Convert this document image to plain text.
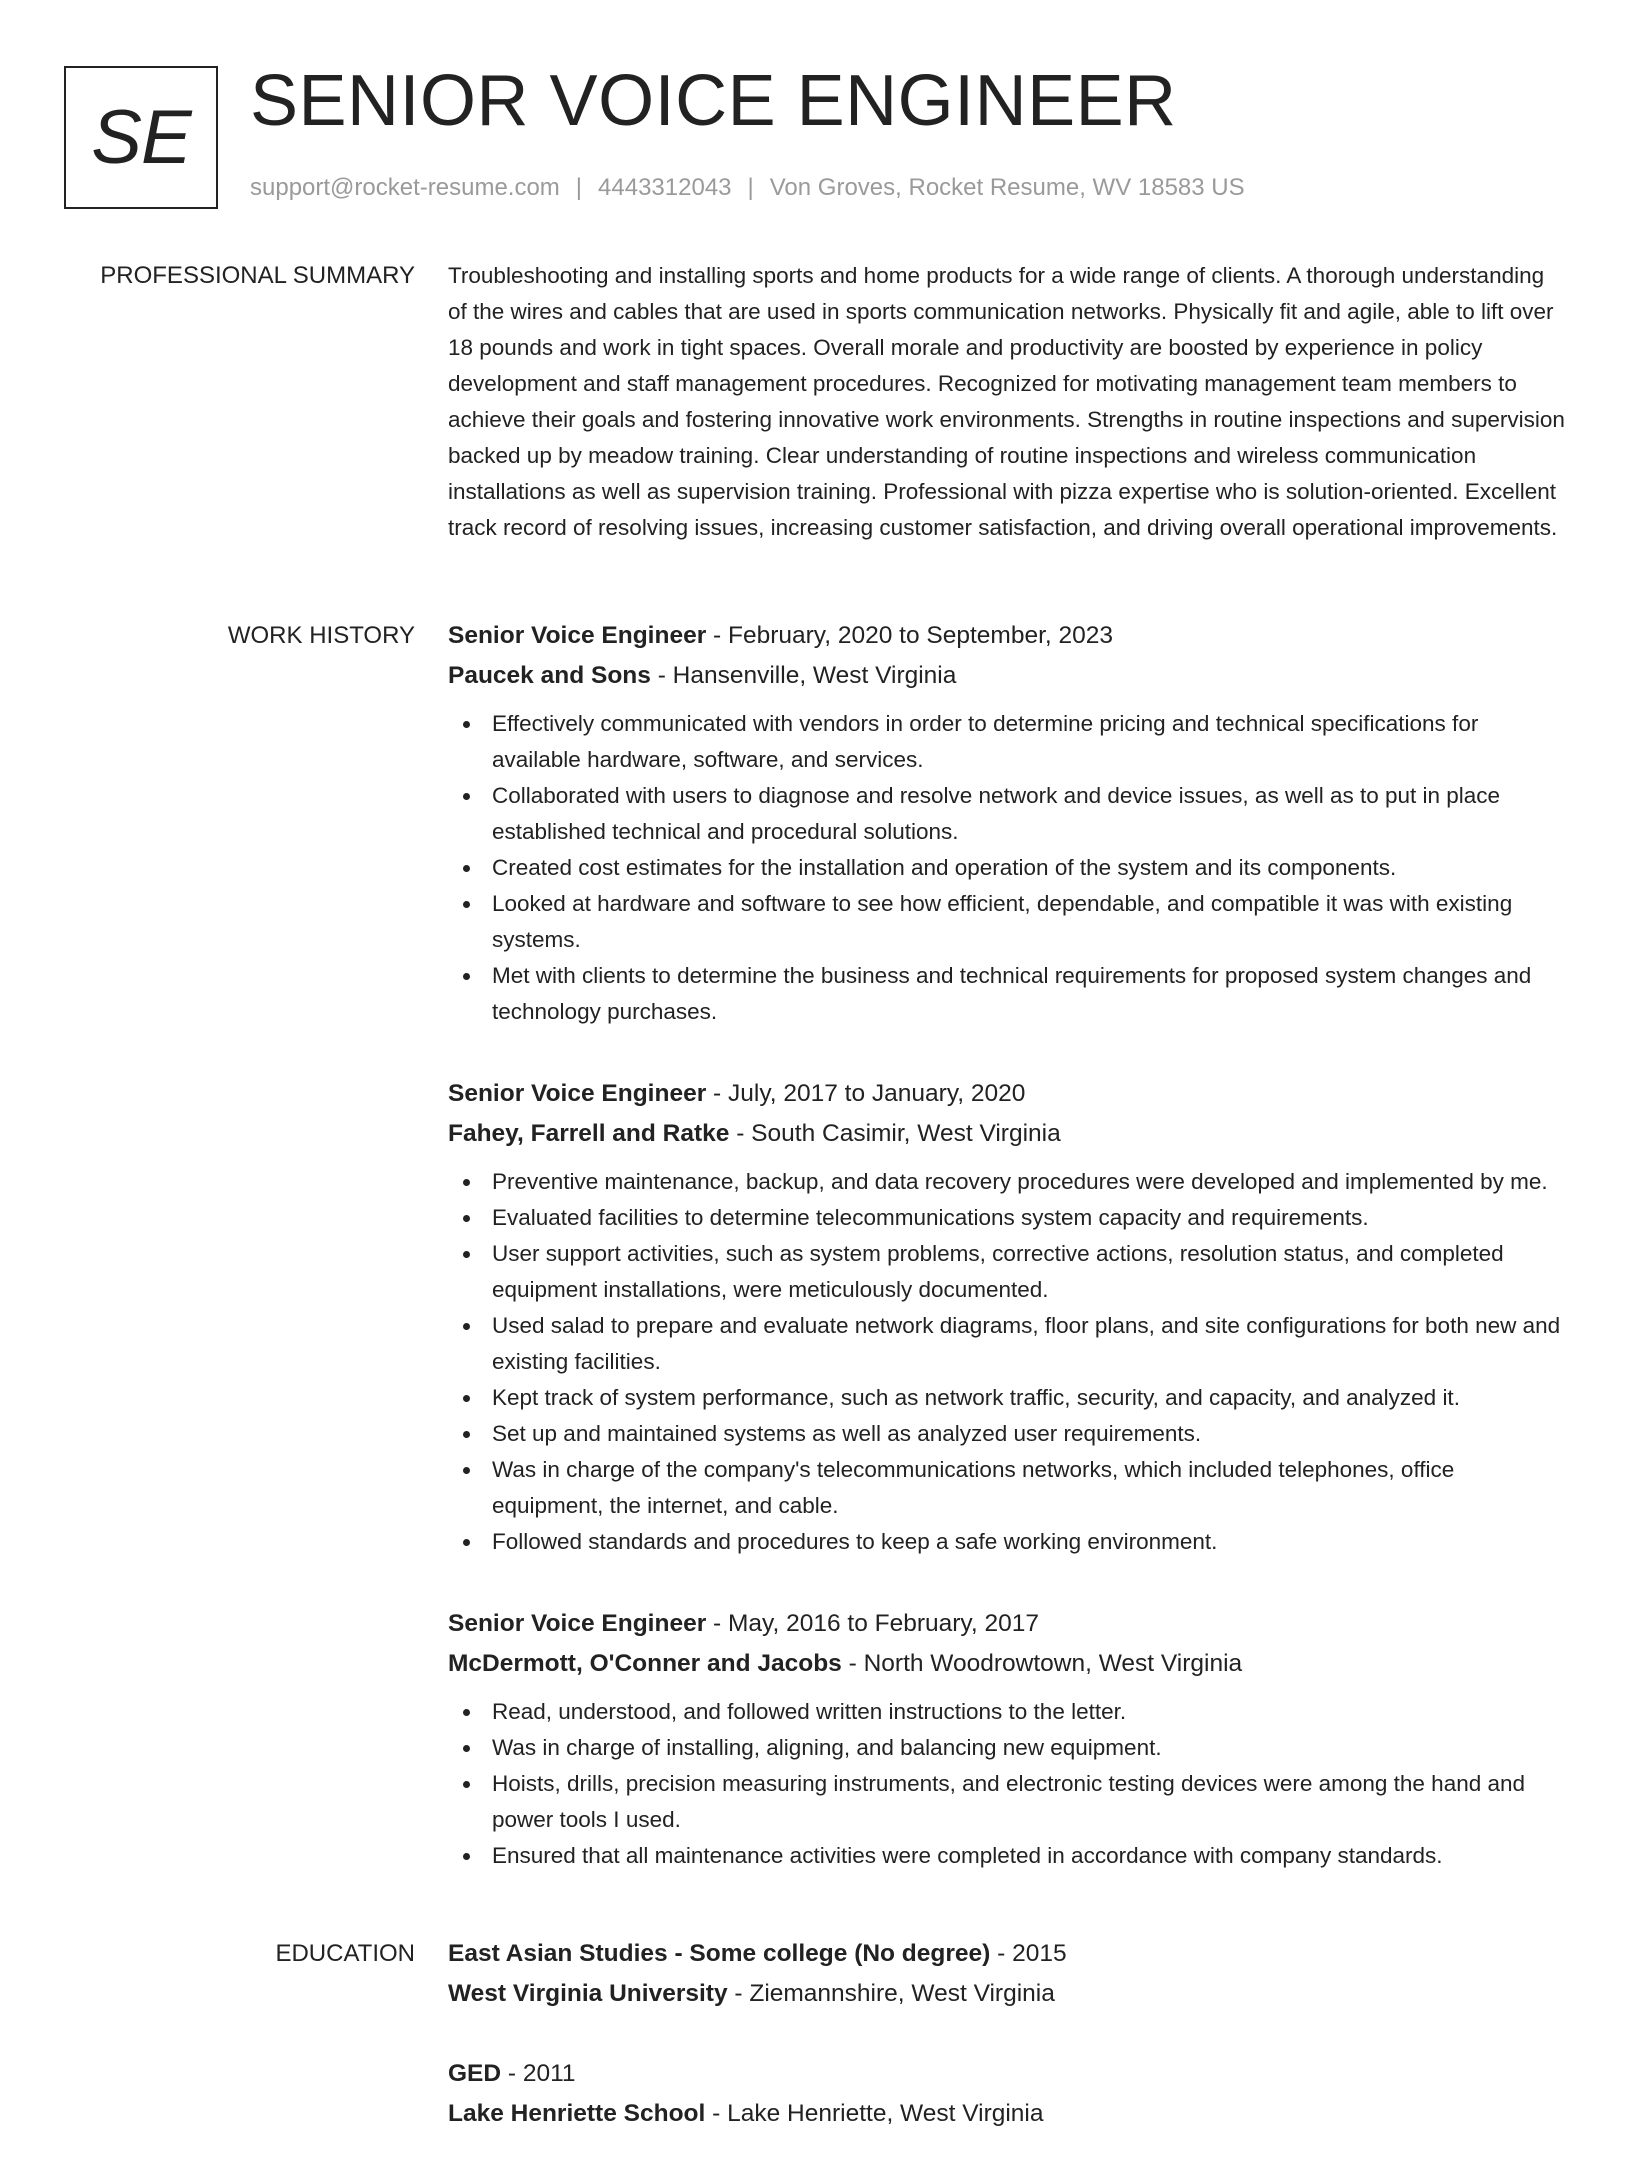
SE SENIOR VOICE ENGINEER
support@rocket-resume.com | 4443312043 | Von Groves, Rocket Resume, WV 18583 US
PROFESSIONAL SUMMARY Troubleshooting and installing sports and home products for a wide range of clients. A thorough understanding of the wires and cables that are used in sports communication networks. Physically fit and agile, able to lift over 18 pounds and work in tight spaces. Overall morale and productivity are boosted by experience in policy development and staff management procedures. Recognized for motivating management team members to achieve their goals and fostering innovative work environments. Strengths in routine inspections and supervision backed up by meadow training. Clear understanding of routine inspections and wireless communication installations as well as supervision training. Professional with pizza expertise who is solution-oriented. Excellent track record of resolving issues, increasing customer satisfaction, and driving overall operational improvements.
WORK HISTORY Senior Voice Engineer - February, 2020 to September, 2023
Paucek and Sons - Hansenville, West Virginia
Effectively communicated with vendors in order to determine pricing and technical specifications for available hardware, software, and services.
Collaborated with users to diagnose and resolve network and device issues, as well as to put in place established technical and procedural solutions.
Created cost estimates for the installation and operation of the system and its components.
Looked at hardware and software to see how efficient, dependable, and compatible it was with existing systems.
Met with clients to determine the business and technical requirements for proposed system changes and technology purchases.
Senior Voice Engineer - July, 2017 to January, 2020
Fahey, Farrell and Ratke - South Casimir, West Virginia
Preventive maintenance, backup, and data recovery procedures were developed and implemented by me.
Evaluated facilities to determine telecommunications system capacity and requirements.
User support activities, such as system problems, corrective actions, resolution status, and completed equipment installations, were meticulously documented.
Used salad to prepare and evaluate network diagrams, floor plans, and site configurations for both new and existing facilities.
Kept track of system performance, such as network traffic, security, and capacity, and analyzed it.
Set up and maintained systems as well as analyzed user requirements.
Was in charge of the company's telecommunications networks, which included telephones, office equipment, the internet, and cable.
Followed standards and procedures to keep a safe working environment.
Senior Voice Engineer - May, 2016 to February, 2017
McDermott, O'Conner and Jacobs - North Woodrowtown, West Virginia
Read, understood, and followed written instructions to the letter.
Was in charge of installing, aligning, and balancing new equipment.
Hoists, drills, precision measuring instruments, and electronic testing devices were among the hand and power tools I used.
Ensured that all maintenance activities were completed in accordance with company standards.
EDUCATION East Asian Studies - Some college (No degree) - 2015
West Virginia University - Ziemannshire, West Virginia
GED - 2011
Lake Henriette School - Lake Henriette, West Virginia
